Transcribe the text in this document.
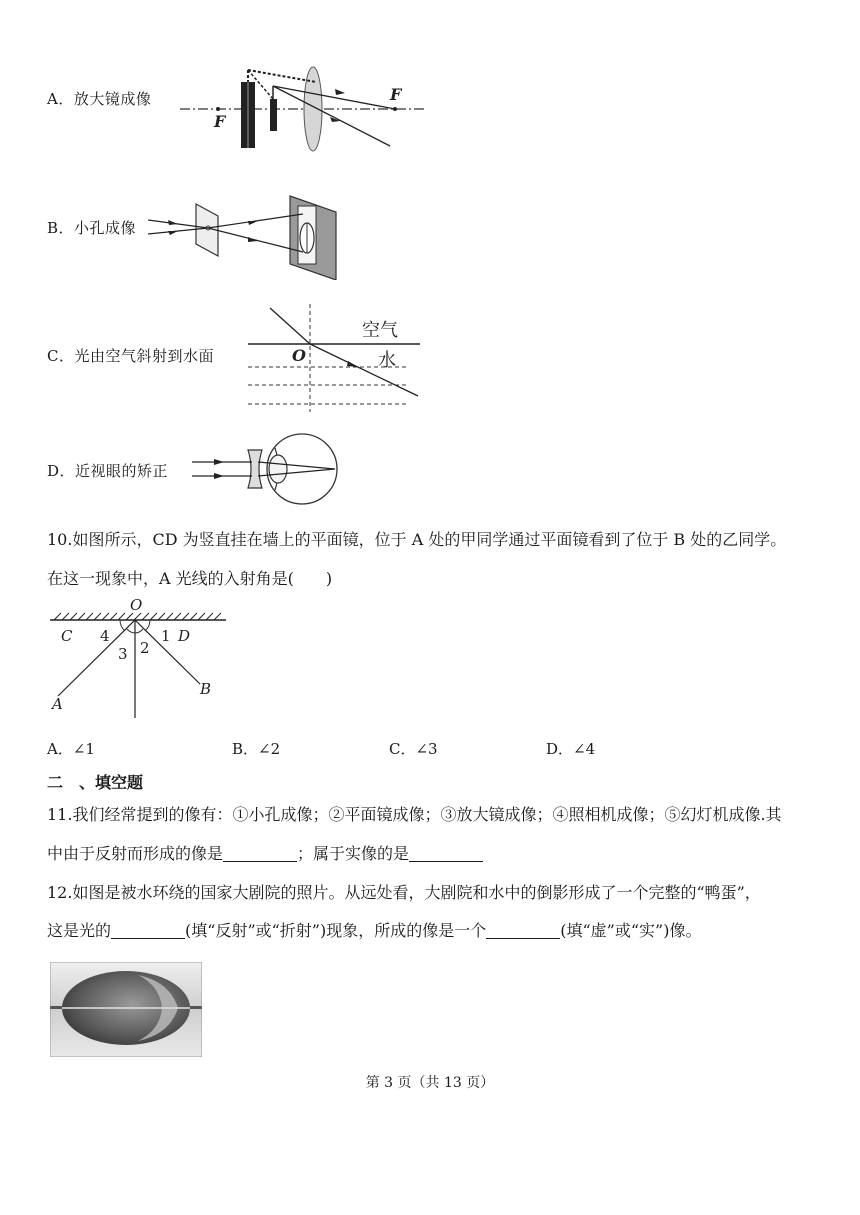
A．放大镜成像
F
F
B．小孔成像
C．光由空气斜射到水面
空气
O	水
D．近视眼的矫正
10.如图所示，CD 为竖直挂在墙上的平面镜，位于 A 处的甲同学通过平面镜看到了位于 B 处的乙同学。
在这一现象中，A 光线的入射角是(　　)
O
C 4
3 2
1 D
A
B
A．∠1	B．∠2	C．∠3	D．∠4
二　、填空题
11.我们经常提到的像有：①小孔成像；②平面镜成像；③放大镜成像；④照相机成像；⑤幻灯机成像.其
中由于反射而形成的像是	；属于实像的是
12.如图是被水环绕的国家大剧院的照片。从远处看，大剧院和水中的倒影形成了一个完整的“鸭蛋”，
这是光的	(填“反射”或“折射”)现象，所成的像是一个	(填“虚”或“实”)像。
第 3 页（共 13 页）
